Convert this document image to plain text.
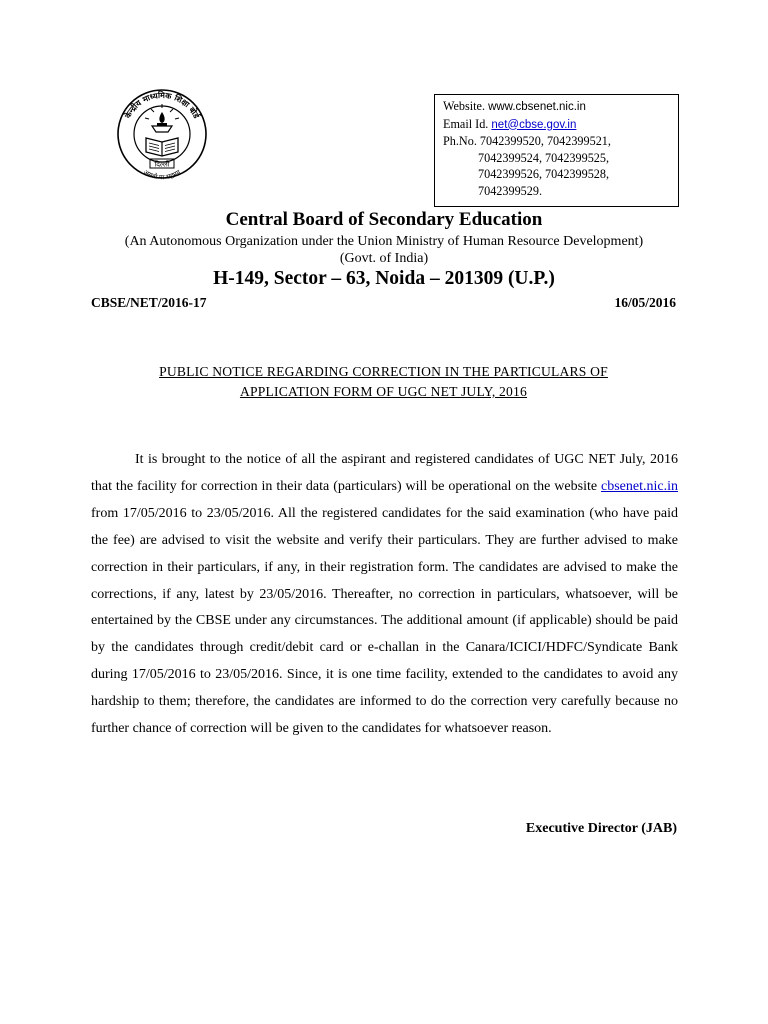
केन्द्रीय माध्यमिक शिक्षा बोर्ड
दिल्ली
असतो मा सद्गमय
Website. www.cbsenet.nic.in
Email Id. net@cbse.gov.in
Ph.No. 7042399520, 7042399521,
7042399524, 7042399525,
7042399526, 7042399528,
7042399529.
Central Board of Secondary Education
(An Autonomous Organization under the Union Ministry of Human Resource Development)
(Govt. of India)
H-149, Sector – 63, Noida – 201309 (U.P.)
CBSE/NET/2016-17	16/05/2016
PUBLIC NOTICE REGARDING CORRECTION IN THE PARTICULARS OF
APPLICATION FORM OF UGC NET JULY, 2016

It is brought to the notice of all the aspirant and registered candidates of UGC NET July, 2016 that the facility for correction in their data (particulars) will be operational on the website cbsenet.nic.in from 17/05/2016 to 23/05/2016. All the registered candidates for the said examination (who have paid the fee) are advised to visit the website and verify their particulars. They are further advised to make correction in their particulars, if any, in their registration form. The candidates are advised to make the corrections, if any, latest by 23/05/2016. Thereafter, no correction in particulars, whatsoever, will be entertained by the CBSE under any circumstances. The additional amount (if applicable) should be paid by the candidates through credit/debit card or e-challan in the Canara/ICICI/HDFC/Syndicate Bank during 17/05/2016 to 23/05/2016. Since, it is one time facility, extended to the candidates to avoid any hardship to them; therefore, the candidates are informed to do the correction very carefully because no further chance of correction will be given to the candidates for whatsoever reason.

Executive Director (JAB)
